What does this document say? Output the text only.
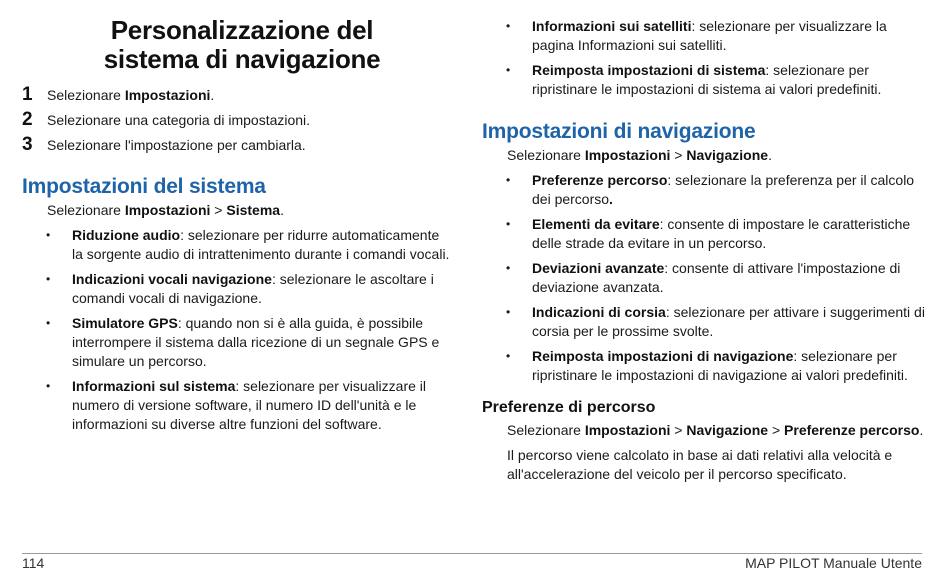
Personalizzazione del
sistema di navigazione
1	Selezionare Impostazioni.
2	Selezionare una categoria di impostazioni.
3	Selezionare l'impostazione per cambiarla.
Impostazioni del sistema
Selezionare Impostazioni > Sistema.
• Riduzione audio: selezionare per ridurre automaticamente la sorgente audio di intrattenimento durante i comandi vocali.
• Indicazioni vocali navigazione: selezionare le ascoltare i comandi vocali di navigazione.
• Simulatore GPS: quando non si è alla guida, è possibile interrompere il sistema dalla ricezione di un segnale GPS e simulare un percorso.
• Informazioni sul sistema: selezionare per visualizzare il numero di versione software, il numero ID dell'unità e le informazioni su diverse altre funzioni del software.
• Informazioni sui satelliti: selezionare per visualizzare la pagina Informazioni sui satelliti.
• Reimposta impostazioni di sistema: selezionare per ripristinare le impostazioni di sistema ai valori predefiniti.
Impostazioni di navigazione
Selezionare Impostazioni > Navigazione.
• Preferenze percorso: selezionare la preferenza per il calcolo dei percorso.
• Elementi da evitare: consente di impostare le caratteristiche delle strade da evitare in un percorso.
• Deviazioni avanzate: consente di attivare l'impostazione di deviazione avanzata.
• Indicazioni di corsia: selezionare per attivare i suggerimenti di corsia per le prossime svolte.
• Reimposta impostazioni di navigazione: selezionare per ripristinare le impostazioni di navigazione ai valori predefiniti.
Preferenze di percorso
Selezionare Impostazioni > Navigazione > Preferenze percorso.
Il percorso viene calcolato in base ai dati relativi alla velocità e all'accelerazione del veicolo per il percorso specificato.
114	MAP PILOT Manuale Utente
